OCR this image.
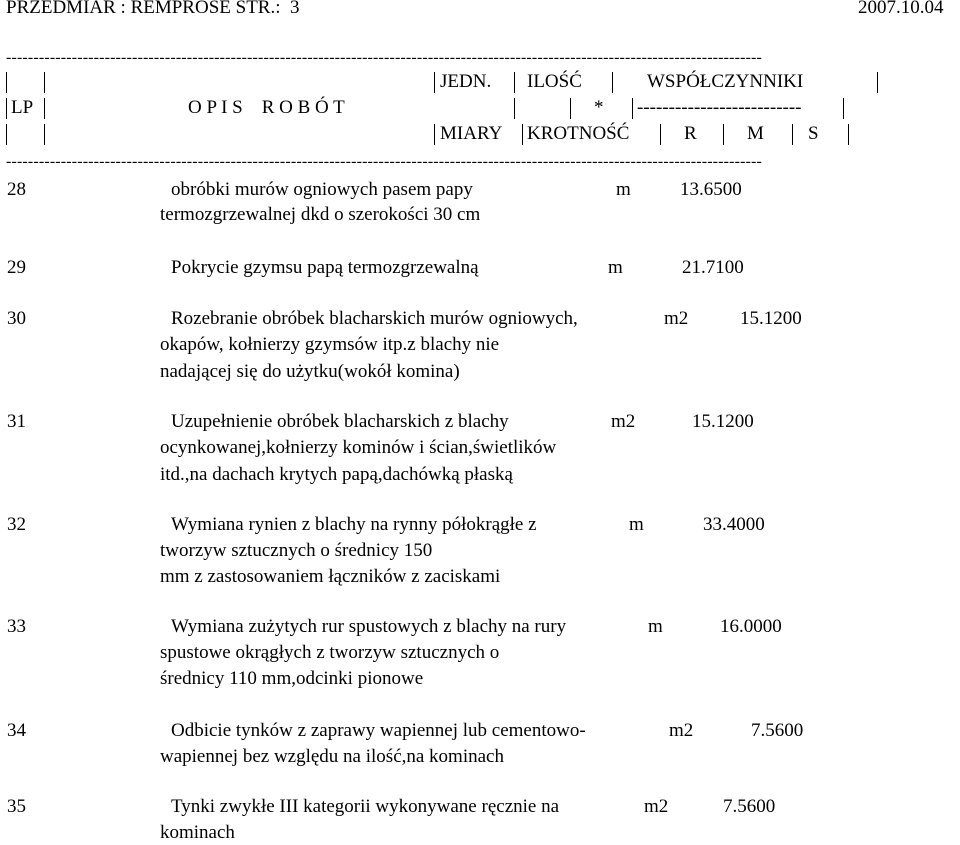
PRZEDMIAR : REMPROSE STR.:  3	2007.10.04
------------------------------------------------------------------------------------------------------------------------------------------
JEDN. ILOŚĆ	WSPÓŁCZYNNIKI
LP	O P I S    R O B Ó T	* --------------------------
MIARY KROTNOŚĆ	R	M S
------------------------------------------------------------------------------------------------------------------------------------------
28	obróbki murów ogniowych pasem papy
termozgrzewalnej dkd o szerokości 30 cm
m	13.6500
29	Pokrycie gzymsu papą termozgrzewalną	m	21.7100
30	Rozebranie obróbek blacharskich murów ogniowych,
okapów, kołnierzy gzymsów itp.z blachy nie
nadającej się do użytku(wokół komina)
m2	15.1200
31	Uzupełnienie obróbek blacharskich z blachy
ocynkowanej,kołnierzy kominów i ścian,świetlików
itd.,na dachach krytych papą,dachówką płaską
m2	15.1200
32	Wymiana rynien z blachy na rynny półokrągłe z
tworzyw sztucznych o średnicy 150
mm z zastosowaniem łączników z zaciskami
m	33.4000
33	Wymiana zużytych rur spustowych z blachy na rury
spustowe okrągłych z tworzyw sztucznych o
średnicy 110 mm,odcinki pionowe
m	16.0000
34	Odbicie tynków z zaprawy wapiennej lub cementowo-
wapiennej bez względu na ilość,na kominach
m2	7.5600
35	Tynki zwykłe III kategorii wykonywane ręcznie na
kominach
m2	7.5600
